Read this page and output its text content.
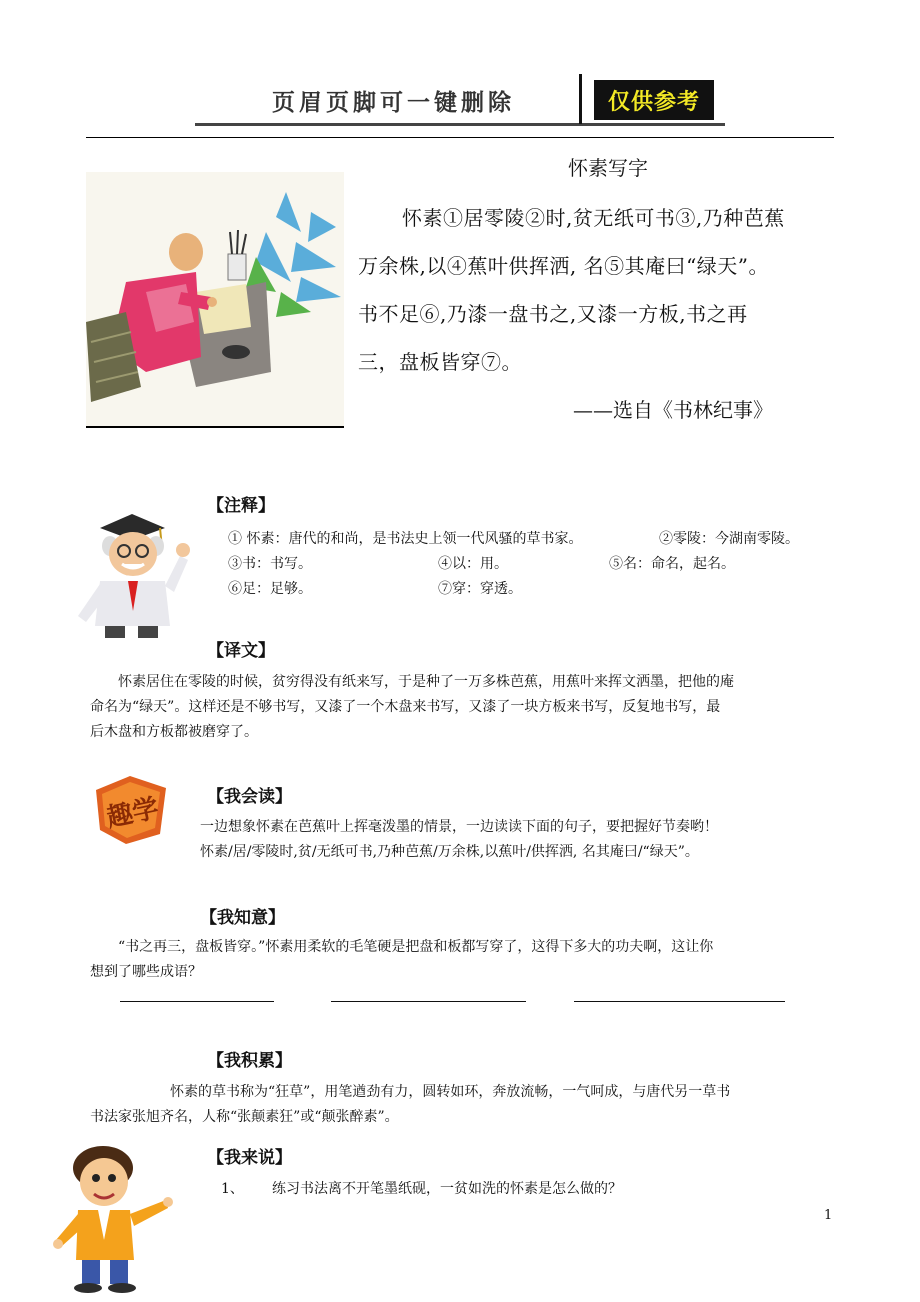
页眉页脚可一键删除	仅供参考
怀素写字
怀素①居零陵②时,贫无纸可书③,乃种芭蕉
万余株,以④蕉叶供挥洒, 名⑤其庵曰“绿天”。
书不足⑥,乃漆一盘书之,又漆一方板,书之再
三，盘板皆穿⑦。
——选自《书林纪事》
【注释】
① 怀素：唐代的和尚，是书法史上领一代风骚的草书家。	②零陵：今湖南零陵。
③书：书写。	④以：用。	⑤名：命名，起名。
⑥足：足够。	⑦穿：穿透。
【译文】
怀素居住在零陵的时候，贫穷得没有纸来写，于是种了一万多株芭蕉，用蕉叶来挥文洒墨，把他的庵
命名为“绿天”。这样还是不够书写，又漆了一个木盘来书写，又漆了一块方板来书写，反复地书写，最
后木盘和方板都被磨穿了。
趣学	【我会读】
一边想象怀素在芭蕉叶上挥毫泼墨的情景，一边读读下面的句子，要把握好节奏哟！
怀素/居/零陵时,贫/无纸可书,乃种芭蕉/万余株,以蕉叶/供挥洒, 名其庵曰/“绿天”。
【我知意】
“书之再三，盘板皆穿。”怀素用柔软的毛笔硬是把盘和板都写穿了，这得下多大的功夫啊，这让你
想到了哪些成语？
【我积累】
怀素的草书称为“狂草”，用笔遒劲有力，圆转如环，奔放流畅，一气呵成，与唐代另一草书
书法家张旭齐名，人称“张颠素狂”或“颠张醉素”。
【我来说】
1、 练习书法离不开笔墨纸砚，一贫如洗的怀素是怎么做的？
1
